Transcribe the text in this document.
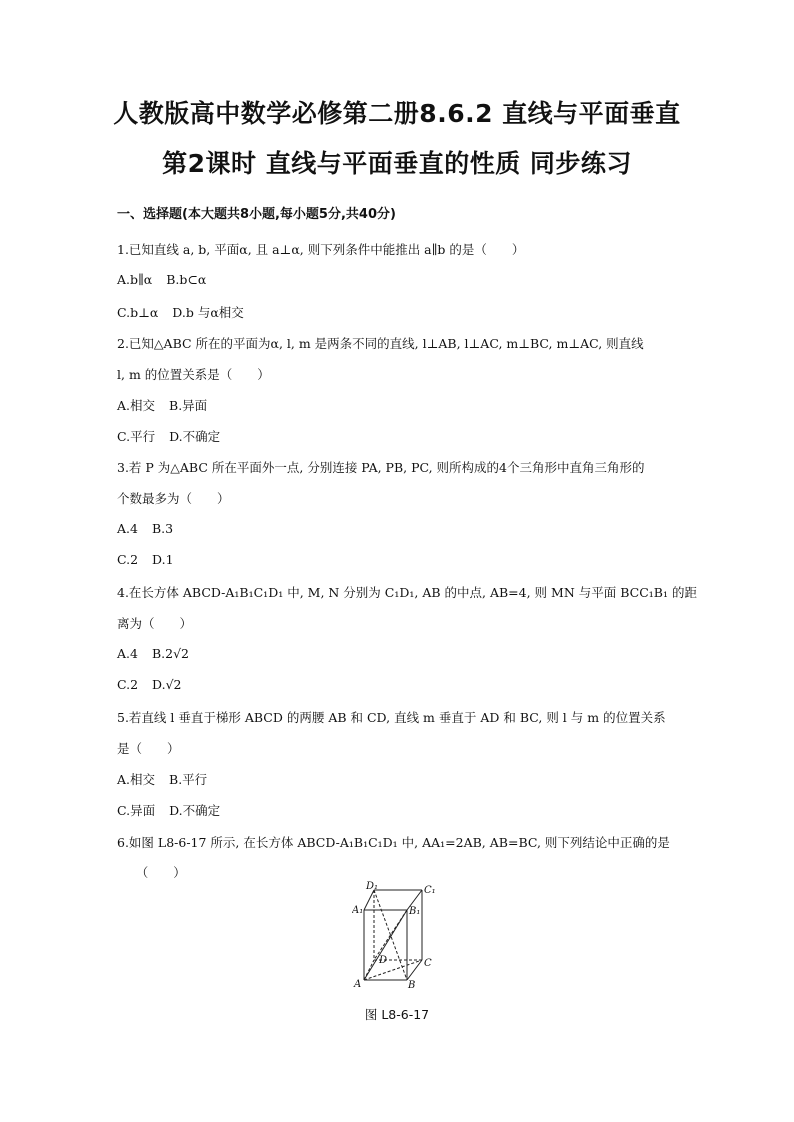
人教版高中数学必修第二册8.6.2 直线与平面垂直
第2课时 直线与平面垂直的性质 同步练习
一、选择题(本大题共8小题,每小题5分,共40分)
1.已知直线 a, b, 平面α, 且 a⊥α, 则下列条件中能推出 a∥b 的是（　　）
A.b∥α B.b⊂α
C.b⊥α D.b 与α相交
2.已知△ABC 所在的平面为α, l, m 是两条不同的直线, l⊥AB, l⊥AC, m⊥BC, m⊥AC, 则直线
l, m 的位置关系是（　　）
A.相交 B.异面
C.平行 D.不确定
3.若 P 为△ABC 所在平面外一点, 分别连接 PA, PB, PC, 则所构成的4个三角形中直角三角形的
个数最多为（　　）
A.4 B.3
C.2 D.1
4.在长方体 ABCD-A₁B₁C₁D₁ 中, M, N 分别为 C₁D₁, AB 的中点, AB=4, 则 MN 与平面 BCC₁B₁ 的距
离为（　　）
A.4 B.2√2
C.2 D.√2
5.若直线 l 垂直于梯形 ABCD 的两腰 AB 和 CD, 直线 m 垂直于 AD 和 BC, 则 l 与 m 的位置关系
是（　　）
A.相交 B.平行
C.异面 D.不确定
6.如图 L8-6-17 所示, 在长方体 ABCD-A₁B₁C₁D₁ 中, AA₁=2AB, AB=BC, 则下列结论中正确的是
　　（　　）
D₁	C₁
A₁	B₁
D	C
A	B
图 L8-6-17
